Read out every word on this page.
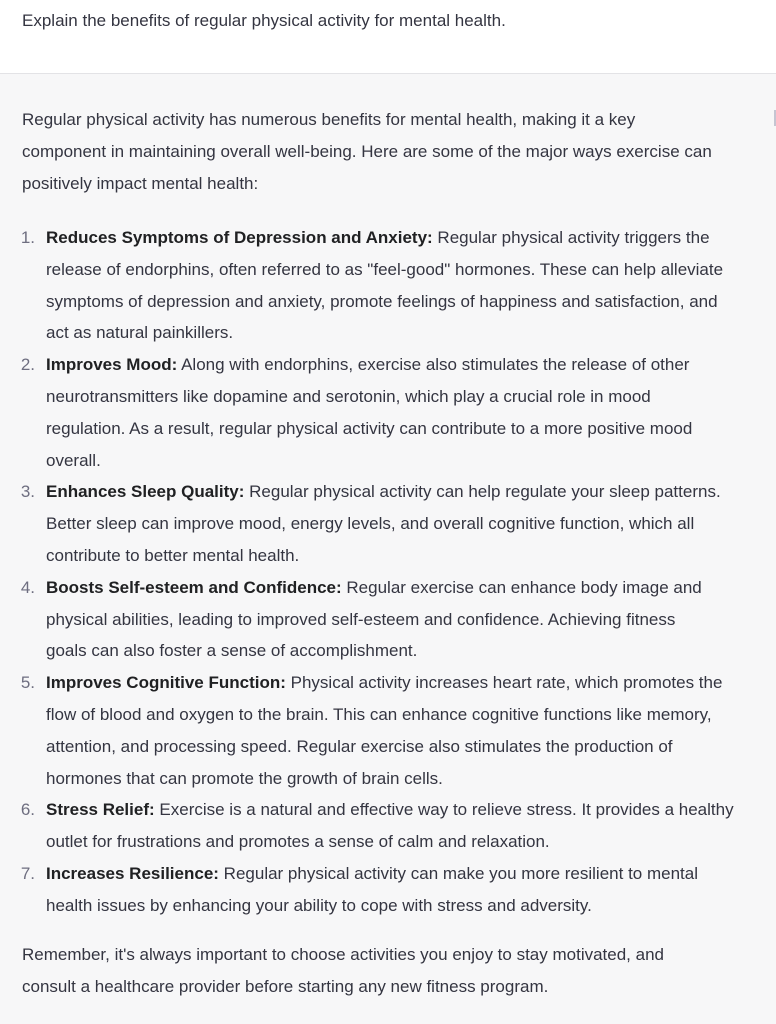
Explain the benefits of regular physical activity for mental health.
Regular physical activity has numerous benefits for mental health, making it a key
component in maintaining overall well-being. Here are some of the major ways exercise can
positively impact mental health:
1. Reduces Symptoms of Depression and Anxiety: Regular physical activity triggers the
release of endorphins, often referred to as "feel-good" hormones. These can help alleviate
symptoms of depression and anxiety, promote feelings of happiness and satisfaction, and
act as natural painkillers.
2. Improves Mood: Along with endorphins, exercise also stimulates the release of other
neurotransmitters like dopamine and serotonin, which play a crucial role in mood
regulation. As a result, regular physical activity can contribute to a more positive mood
overall.
3. Enhances Sleep Quality: Regular physical activity can help regulate your sleep patterns.
Better sleep can improve mood, energy levels, and overall cognitive function, which all
contribute to better mental health.
4. Boosts Self-esteem and Confidence: Regular exercise can enhance body image and
physical abilities, leading to improved self-esteem and confidence. Achieving fitness
goals can also foster a sense of accomplishment.
5. Improves Cognitive Function: Physical activity increases heart rate, which promotes the
flow of blood and oxygen to the brain. This can enhance cognitive functions like memory,
attention, and processing speed. Regular exercise also stimulates the production of
hormones that can promote the growth of brain cells.
6. Stress Relief: Exercise is a natural and effective way to relieve stress. It provides a healthy
outlet for frustrations and promotes a sense of calm and relaxation.
7. Increases Resilience: Regular physical activity can make you more resilient to mental
health issues by enhancing your ability to cope with stress and adversity.
Remember, it's always important to choose activities you enjoy to stay motivated, and
consult a healthcare provider before starting any new fitness program.
